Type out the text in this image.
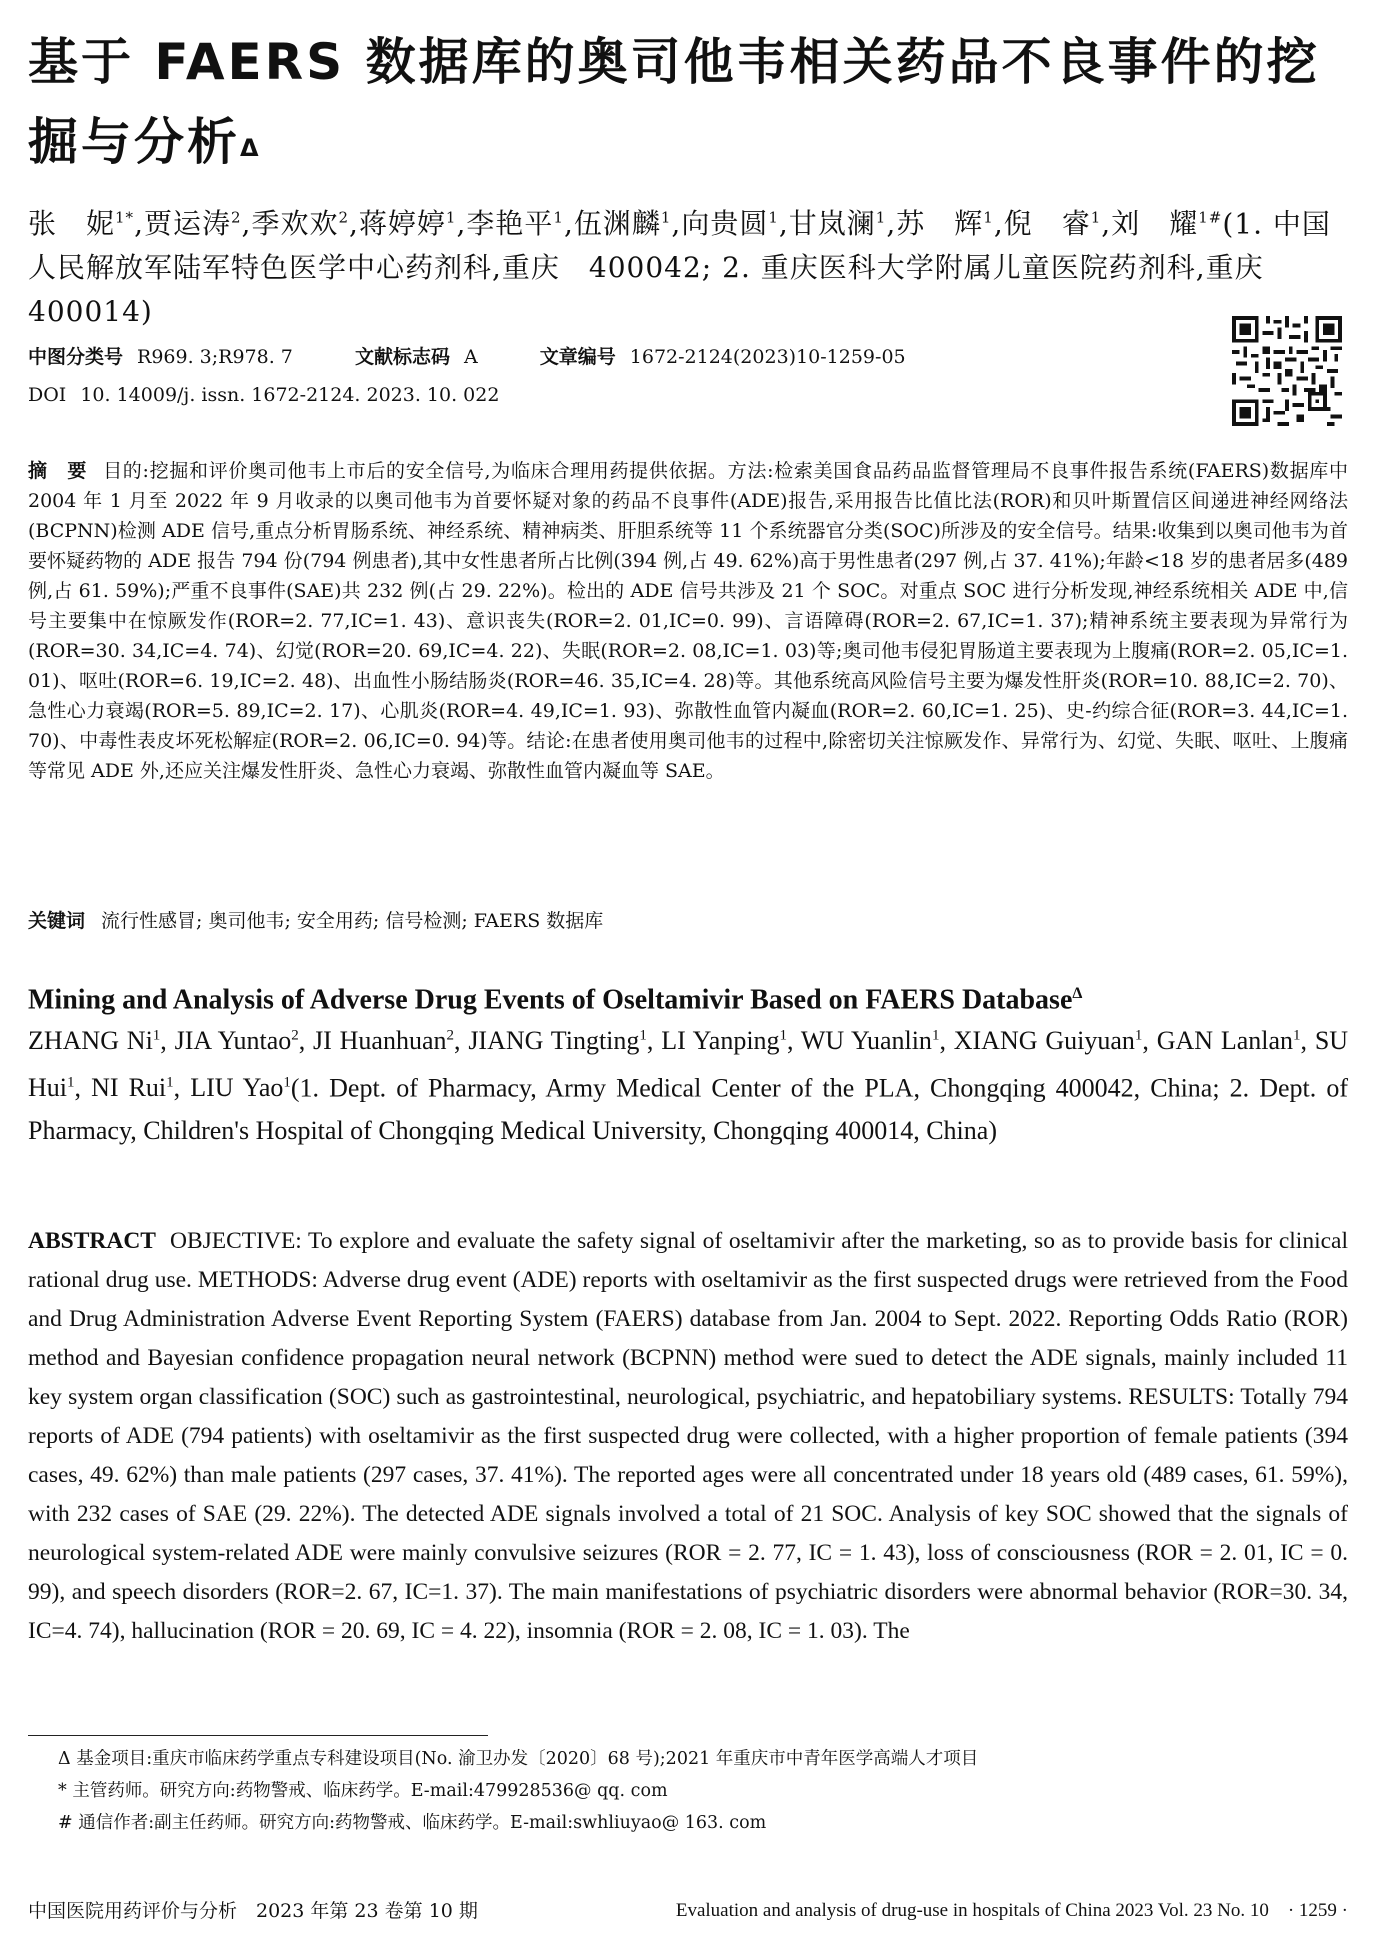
基于 FAERS 数据库的奥司他韦相关药品不良事件的挖掘与分析$^\Delta$
张　妮$^{1*}$,贾运涛$^2$,季欢欢$^2$,蒋婷婷$^1$,李艳平$^1$,伍渊麟$^1$,向贵圆$^1$,甘岚澜$^1$,苏　辉$^1$,倪　睿$^1$,刘　耀$^{1\#}$(1. 中国人民解放军陆军特色医学中心药剂科,重庆　400042; 2. 重庆医科大学附属儿童医院药剂科,重庆　400014)
中图分类号 R969. 3;R978. 7	文献标志码 A	文章编号 1672-2124(2023)10-1259-05
DOI 10. 14009/j. issn. 1672-2124. 2023. 10. 022

摘　要 目的:挖掘和评价奥司他韦上市后的安全信号,为临床合理用药提供依据。方法:检索美国食品药品监督管理局不良事件报告系统(FAERS)数据库中 2004 年 1 月至 2022 年 9 月收录的以奥司他韦为首要怀疑对象的药品不良事件(ADE)报告,采用报告比值比法(ROR)和贝叶斯置信区间递进神经网络法(BCPNN)检测 ADE 信号,重点分析胃肠系统、神经系统、精神病类、肝胆系统等 11 个系统器官分类(SOC)所涉及的安全信号。结果:收集到以奥司他韦为首要怀疑药物的 ADE 报告 794 份(794 例患者),其中女性患者所占比例(394 例,占 49. 62%)高于男性患者(297 例,占 37. 41%);年龄<18 岁的患者居多(489 例,占 61. 59%);严重不良事件(SAE)共 232 例(占 29. 22%)。检出的 ADE 信号共涉及 21 个 SOC。对重点 SOC 进行分析发现,神经系统相关 ADE 中,信号主要集中在惊厥发作(ROR=2. 77,IC=1. 43)、意识丧失(ROR=2. 01,IC=0. 99)、言语障碍(ROR=2. 67,IC=1. 37);精神系统主要表现为异常行为(ROR=30. 34,IC=4. 74)、幻觉(ROR=20. 69,IC=4. 22)、失眠(ROR=2. 08,IC=1. 03)等;奥司他韦侵犯胃肠道主要表现为上腹痛(ROR=2. 05,IC=1. 01)、呕吐(ROR=6. 19,IC=2. 48)、出血性小肠结肠炎(ROR=46. 35,IC=4. 28)等。其他系统高风险信号主要为爆发性肝炎(ROR=10. 88,IC=2. 70)、急性心力衰竭(ROR=5. 89,IC=2. 17)、心肌炎(ROR=4. 49,IC=1. 93)、弥散性血管内凝血(ROR=2. 60,IC=1. 25)、史-约综合征(ROR=3. 44,IC=1. 70)、中毒性表皮坏死松解症(ROR=2. 06,IC=0. 94)等。结论:在患者使用奥司他韦的过程中,除密切关注惊厥发作、异常行为、幻觉、失眠、呕吐、上腹痛等常见 ADE 外,还应关注爆发性肝炎、急性心力衰竭、弥散性血管内凝血等 SAE。

关键词 流行性感冒; 奥司他韦; 安全用药; 信号检测; FAERS 数据库
Mining and Analysis of Adverse Drug Events of Oseltamivir Based on FAERS Database$^\Delta$
ZHANG Ni$^1$, JIA Yuntao$^2$, JI Huanhuan$^2$, JIANG Tingting$^1$, LI Yanping$^1$, WU Yuanlin$^1$, XIANG Guiyuan$^1$, GAN Lanlan$^1$, SU Hui$^1$, NI Rui$^1$, LIU Yao$^1$(1. Dept. of Pharmacy, Army Medical Center of the PLA, Chongqing 400042, China; 2. Dept. of Pharmacy, Children's Hospital of Chongqing Medical University, Chongqing 400014, China)

ABSTRACT OBJECTIVE: To explore and evaluate the safety signal of oseltamivir after the marketing, so as to provide basis for clinical rational drug use. METHODS: Adverse drug event (ADE) reports with oseltamivir as the first suspected drugs were retrieved from the Food and Drug Administration Adverse Event Reporting System (FAERS) database from Jan. 2004 to Sept. 2022. Reporting Odds Ratio (ROR) method and Bayesian confidence propagation neural network (BCPNN) method were sued to detect the ADE signals, mainly included 11 key system organ classification (SOC) such as gastrointestinal, neurological, psychiatric, and hepatobiliary systems. RESULTS: Totally 794 reports of ADE (794 patients) with oseltamivir as the first suspected drug were collected, with a higher proportion of female patients (394 cases, 49. 62%) than male patients (297 cases, 37. 41%). The reported ages were all concentrated under 18 years old (489 cases, 61. 59%), with 232 cases of SAE (29. 22%). The detected ADE signals involved a total of 21 SOC. Analysis of key SOC showed that the signals of neurological system-related ADE were mainly convulsive seizures (ROR = 2. 77, IC = 1. 43), loss of consciousness (ROR = 2. 01, IC = 0. 99), and speech disorders (ROR=2. 67, IC=1. 37). The main manifestations of psychiatric disorders were abnormal behavior (ROR=30. 34, IC=4. 74), hallucination (ROR = 20. 69, IC = 4. 22), insomnia (ROR = 2. 08, IC = 1. 03). The

Δ 基金项目:重庆市临床药学重点专科建设项目(No. 渝卫办发〔2020〕68 号);2021 年重庆市中青年医学高端人才项目
* 主管药师。研究方向:药物警戒、临床药学。E-mail:479928536@ qq. com
# 通信作者:副主任药师。研究方向:药物警戒、临床药学。E-mail:swhliuyao@ 163. com
中国医院用药评价与分析　2023 年第 23 卷第 10 期	Evaluation and analysis of drug-use in hospitals of China 2023 Vol. 23 No. 10　· 1259 ·
